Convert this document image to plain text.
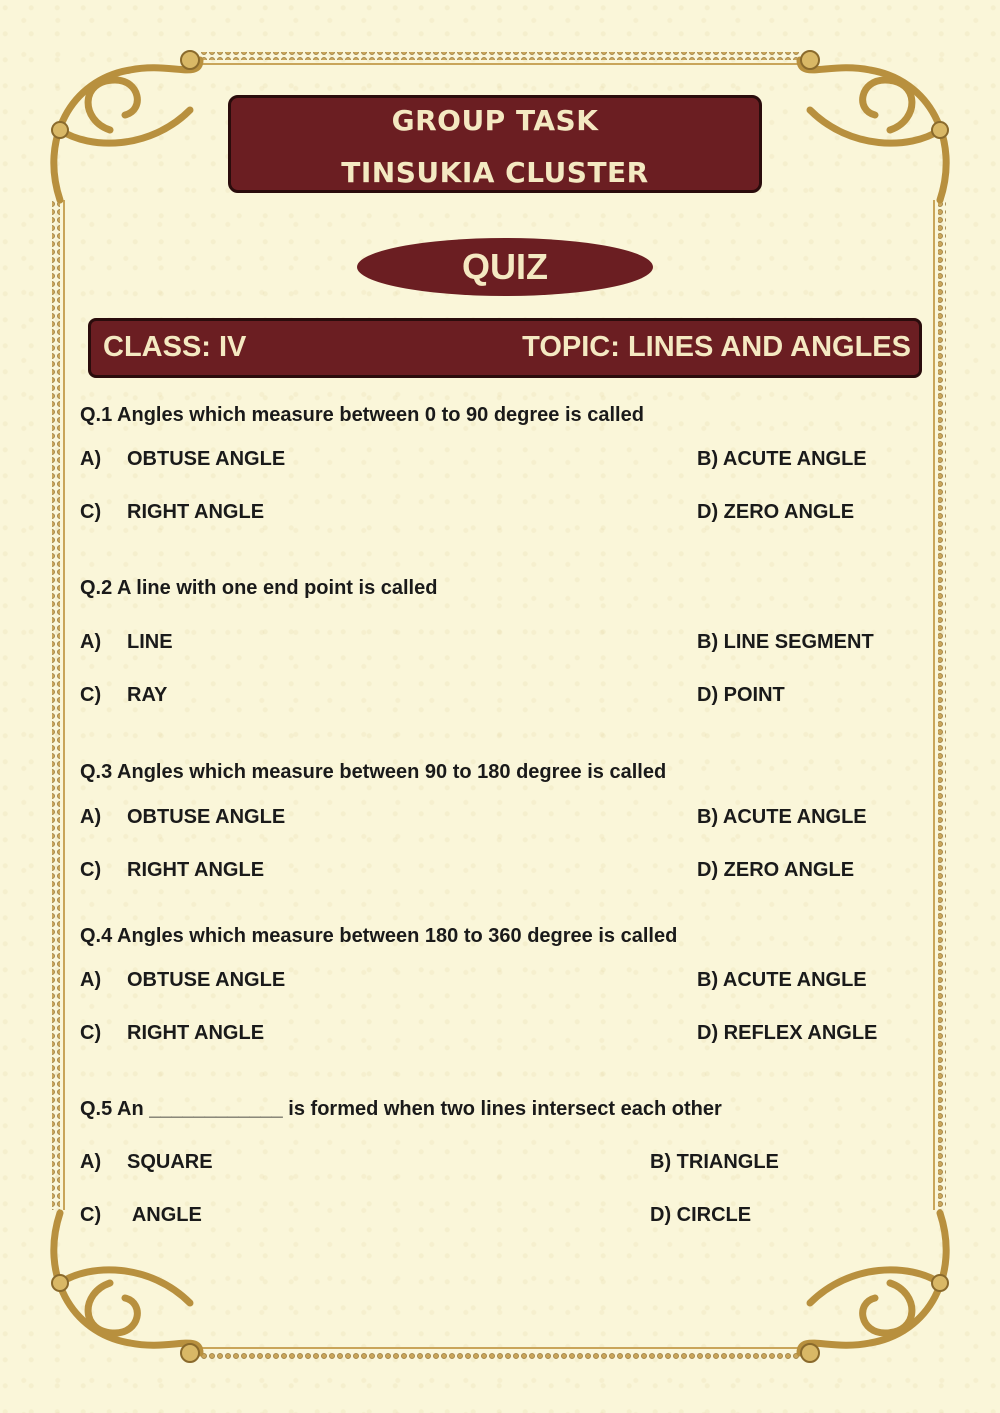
GROUP TASK
TINSUKIA CLUSTER
QUIZ
CLASS: IV	TOPIC: LINES AND ANGLES
Q.1 Angles which measure between 0 to 90 degree is called
A) OBTUSE ANGLE	B) ACUTE ANGLE
C) RIGHT ANGLE	D) ZERO ANGLE
Q.2 A line with one end point is called
A) LINE	B) LINE SEGMENT
C) RAY	D) POINT
Q.3 Angles which measure between 90 to 180 degree is called
A) OBTUSE ANGLE	B) ACUTE ANGLE
C) RIGHT ANGLE	D) ZERO ANGLE
Q.4 Angles which measure between 180 to 360 degree is called
A) OBTUSE ANGLE	B) ACUTE ANGLE
C) RIGHT ANGLE	D) REFLEX ANGLE
Q.5 An ____________ is formed when two lines intersect each other
A) SQUARE	B) TRIANGLE
C) ANGLE	D) CIRCLE
